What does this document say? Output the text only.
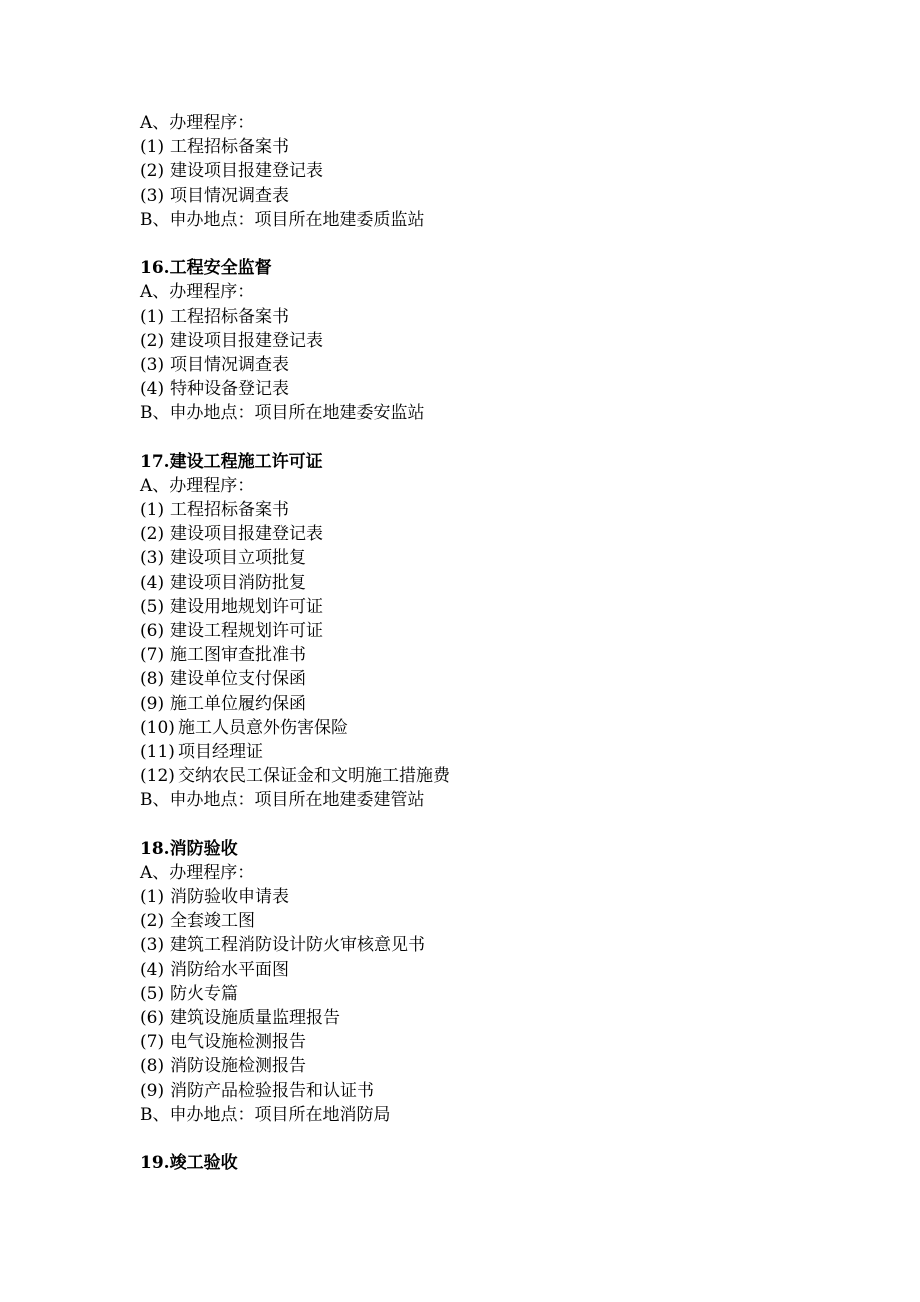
A、办理程序：
(1) 工程招标备案书
(2) 建设项目报建登记表
(3) 项目情况调查表
B、申办地点：项目所在地建委质监站
16.工程安全监督
A、办理程序：
(1) 工程招标备案书
(2) 建设项目报建登记表
(3) 项目情况调查表
(4) 特种设备登记表
B、申办地点：项目所在地建委安监站
17.建设工程施工许可证
A、办理程序：
(1) 工程招标备案书
(2) 建设项目报建登记表
(3) 建设项目立项批复
(4) 建设项目消防批复
(5) 建设用地规划许可证
(6) 建设工程规划许可证
(7) 施工图审查批准书
(8) 建设单位支付保函
(9) 施工单位履约保函
(10) 施工人员意外伤害保险
(11) 项目经理证
(12) 交纳农民工保证金和文明施工措施费
B、申办地点：项目所在地建委建管站
18.消防验收
A、办理程序：
(1) 消防验收申请表
(2) 全套竣工图
(3) 建筑工程消防设计防火审核意见书
(4) 消防给水平面图
(5) 防火专篇
(6) 建筑设施质量监理报告
(7) 电气设施检测报告
(8) 消防设施检测报告
(9) 消防产品检验报告和认证书
B、申办地点：项目所在地消防局
19.竣工验收
